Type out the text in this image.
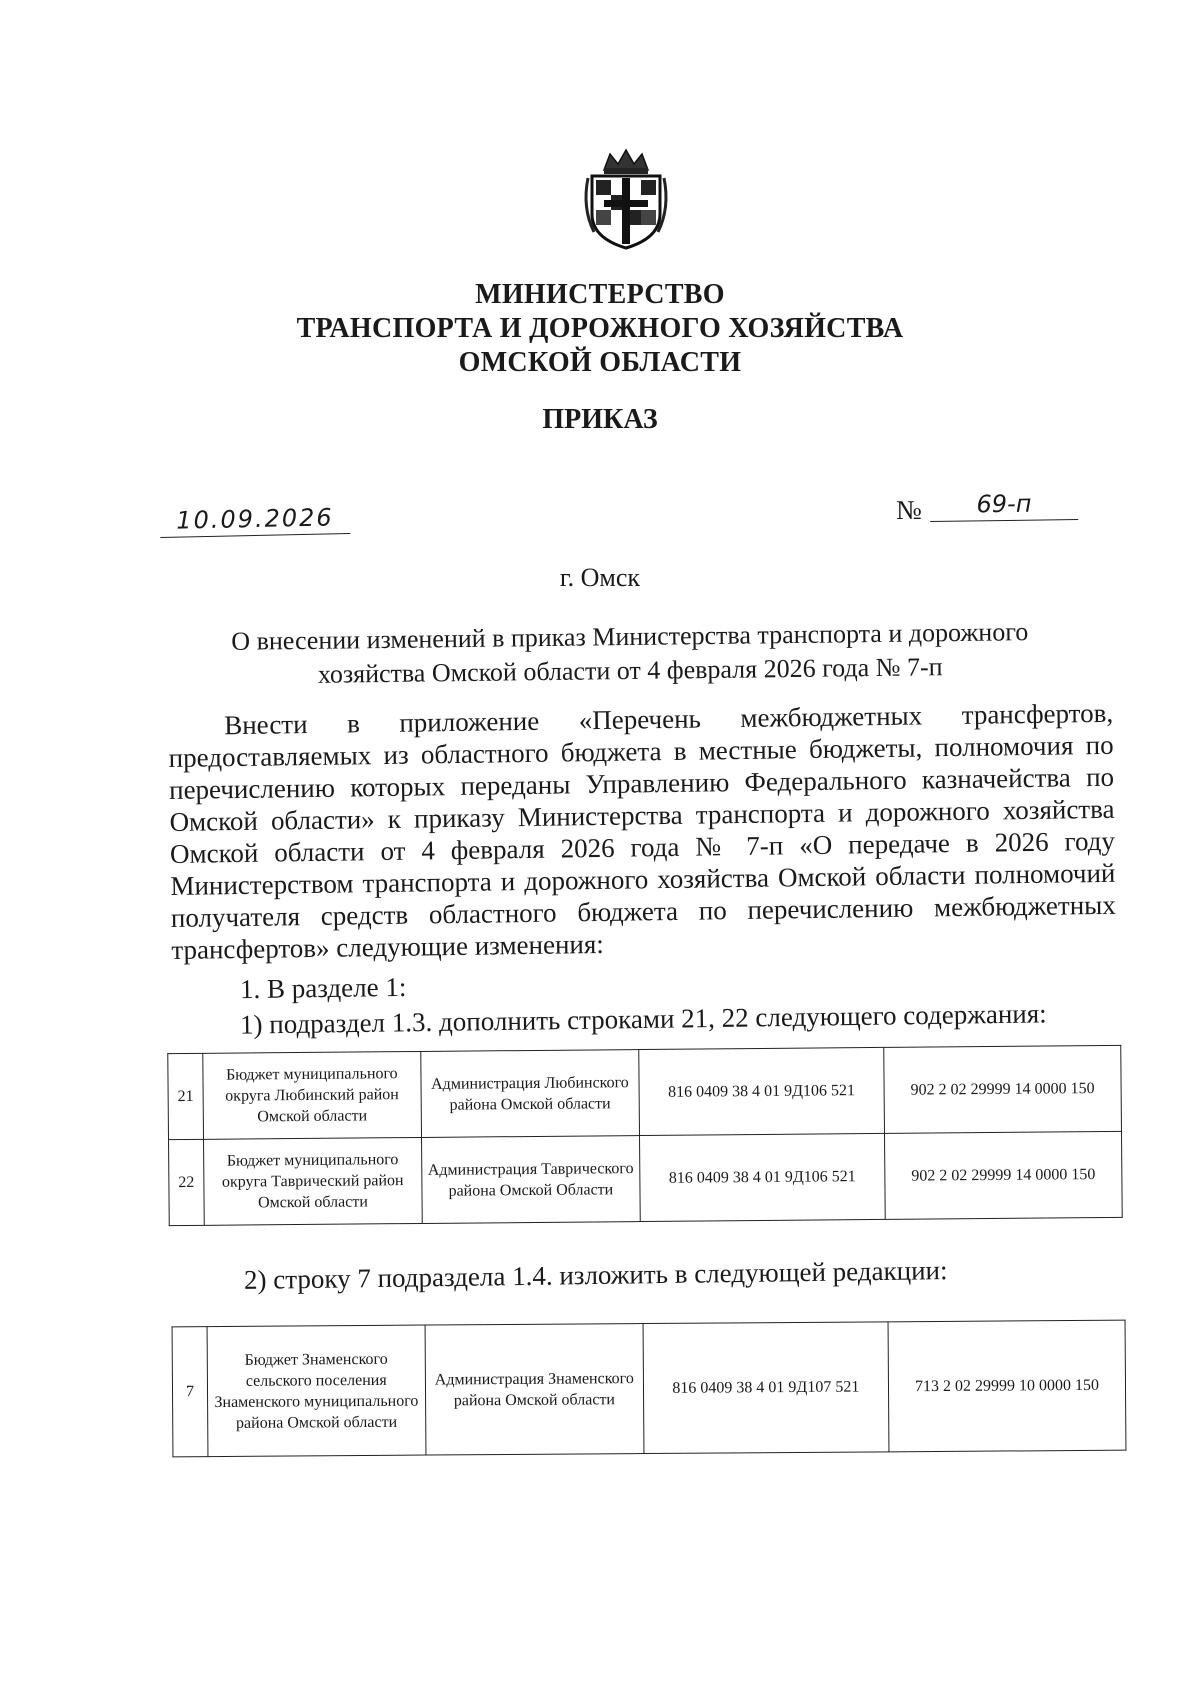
МИНИСТЕРСТВО
ТРАНСПОРТА И ДОРОЖНОГО ХОЗЯЙСТВА
ОМСКОЙ ОБЛАСТИ
ПРИКАЗ
10.09.2026	№	69-п
г. Омск
О внесении изменений в приказ Министерства транспорта и дорожного хозяйства Омской области от 4 февраля 2026 года № 7-п

Внести в приложение «Перечень межбюджетных трансфертов, предоставляемых из областного бюджета в местные бюджеты, полномочия по перечислению которых переданы Управлению Федерального казначейства по Омской области» к приказу Министерства транспорта и дорожного хозяйства Омской области от 4 февраля 2026 года № 7-п «О передаче в 2026 году Министерством транспорта и дорожного хозяйства Омской области полномочий получателя средств областного бюджета по перечислению межбюджетных трансфертов» следующие изменения:

1. В разделе 1:
1) подраздел 1.3. дополнить строками 21, 22 следующего содержания:
21	Бюджет муниципального округа Любинский район Омской области	Администрация Любинского района Омской области	816 0409 38 4 01 9Д106 521	902 2 02 29999 14 0000 150
22	Бюджет муниципального округа Таврический район Омской области	Администрация Таврического района Омской Области	816 0409 38 4 01 9Д106 521	902 2 02 29999 14 0000 150
2) строку 7 подраздела 1.4. изложить в следующей редакции:
7	Бюджет Знаменского сельского поселения Знаменского муниципального района Омской области	Администрация Знаменского района Омской области	816 0409 38 4 01 9Д107 521	713 2 02 29999 10 0000 150
